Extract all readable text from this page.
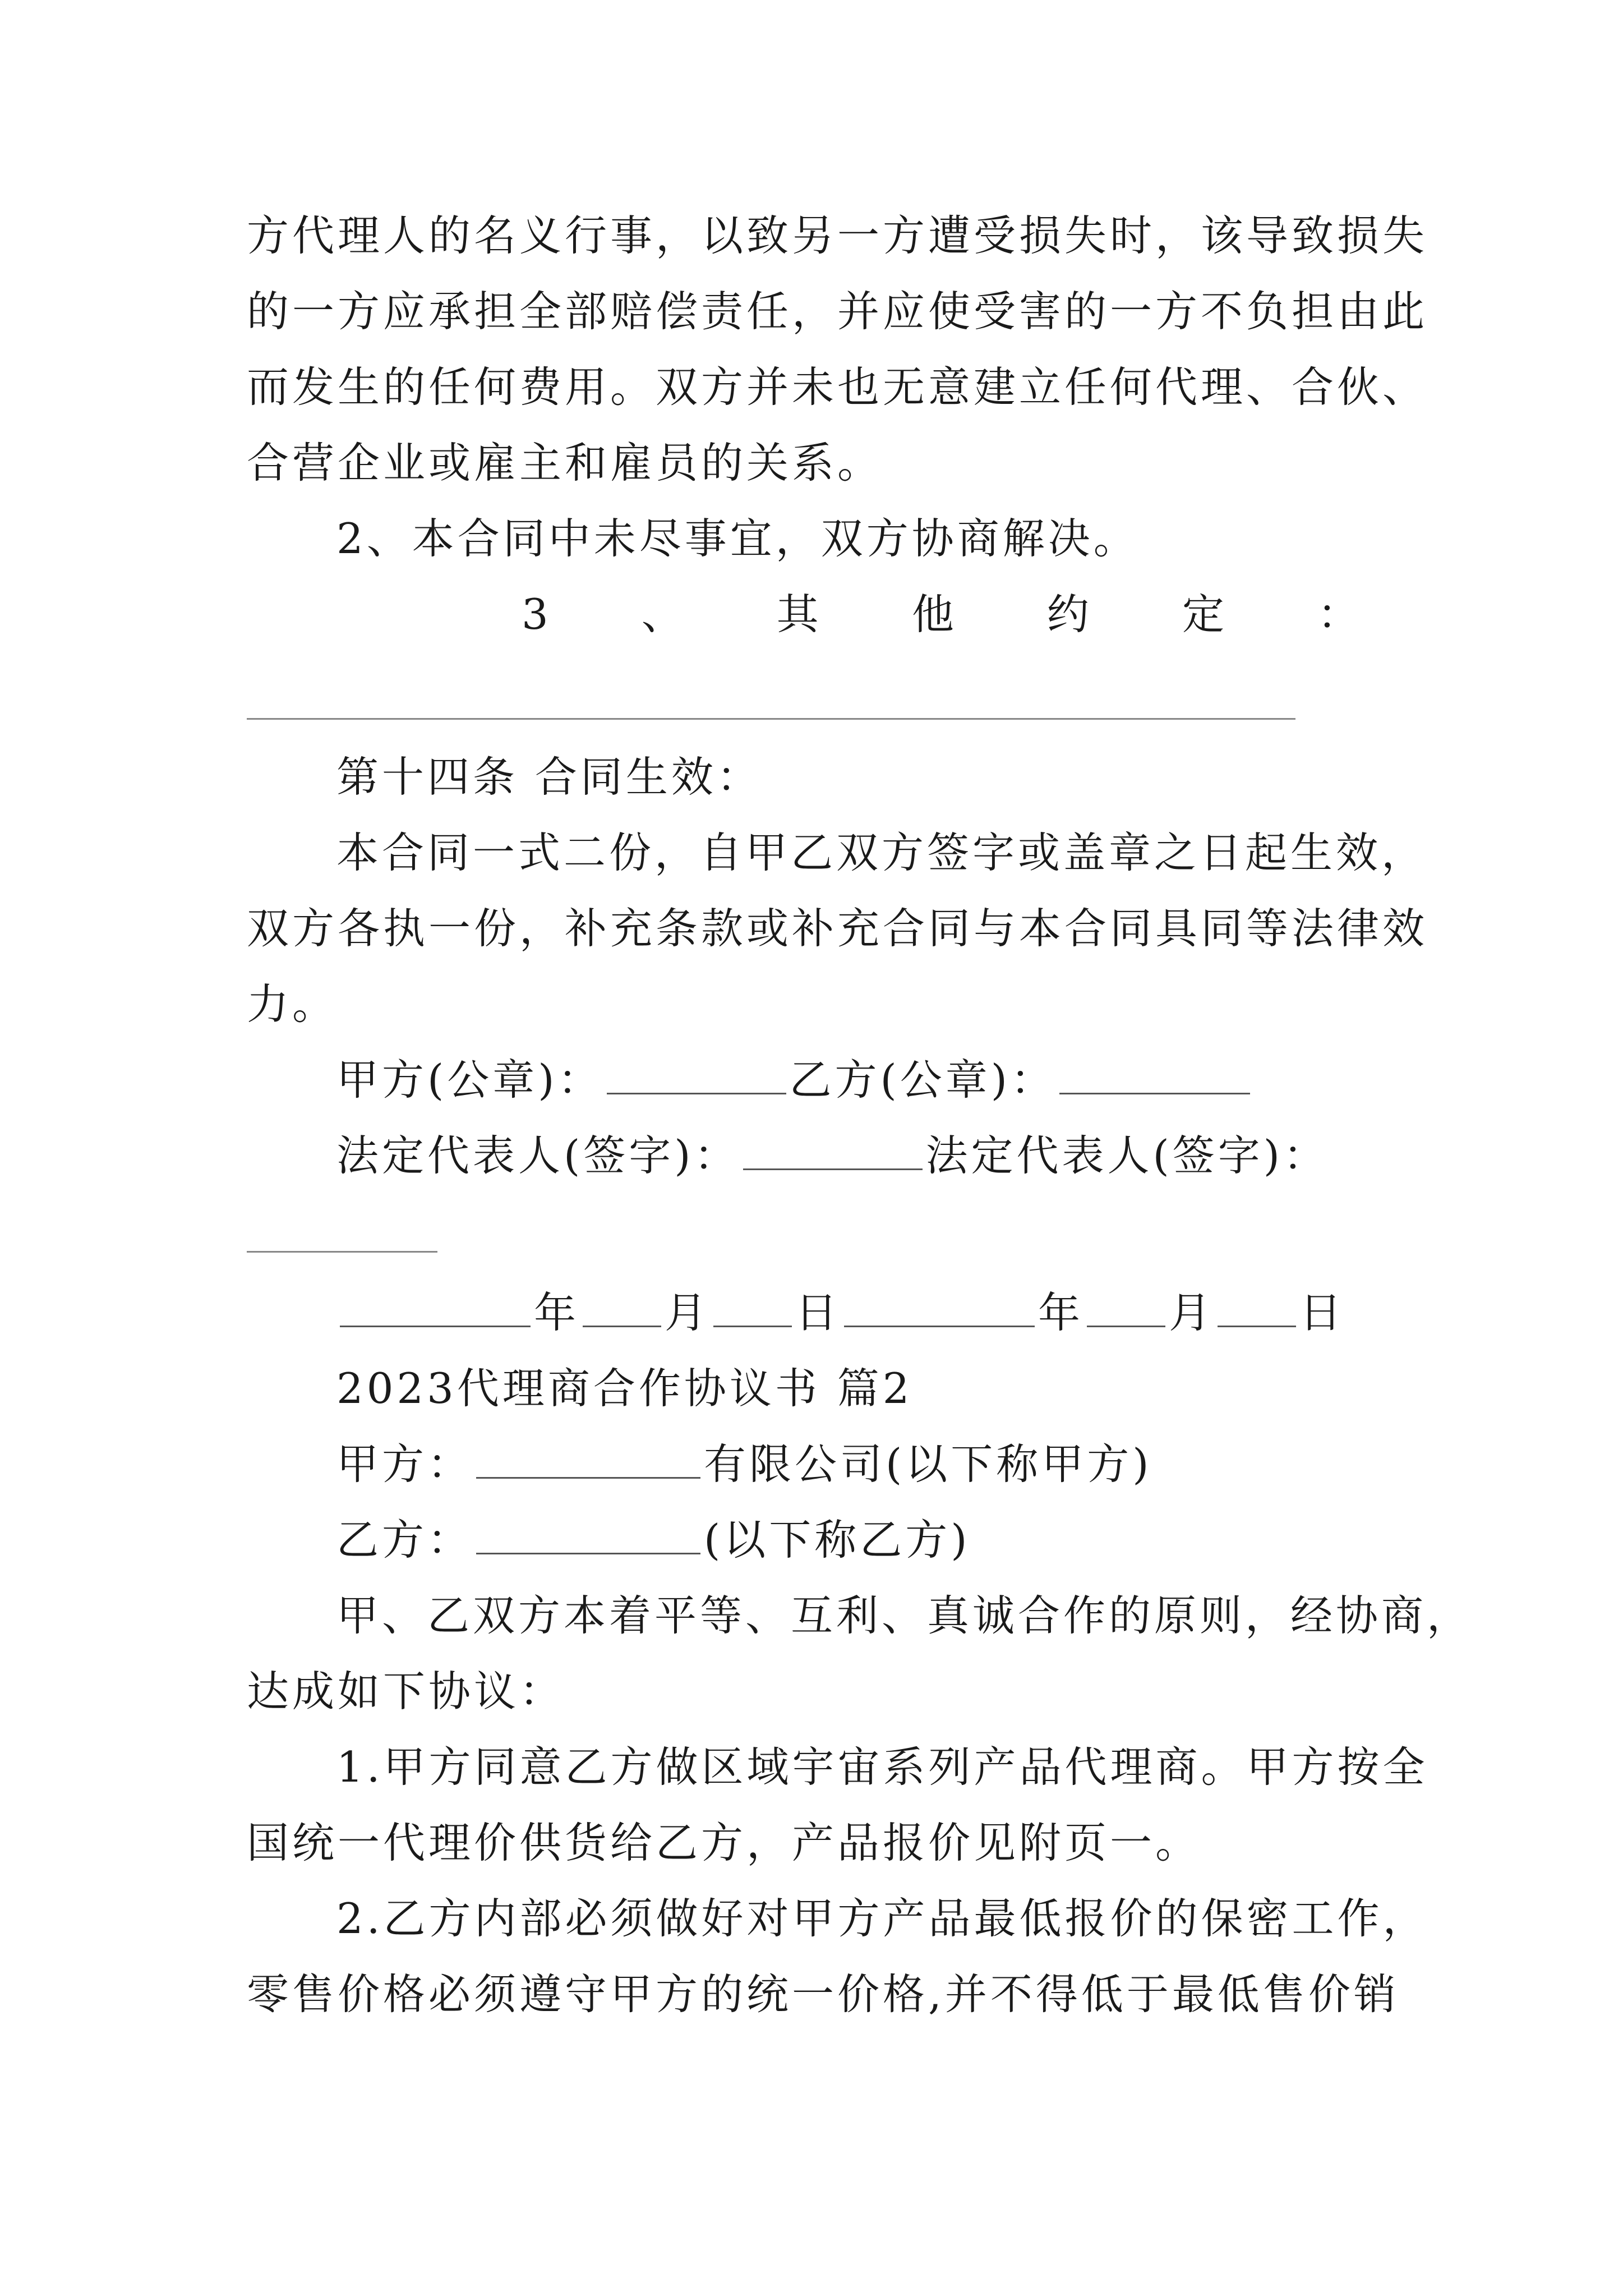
方代理人的名义行事，以致另一方遭受损失时，该导致损失
的一方应承担全部赔偿责任，并应使受害的一方不负担由此
而发生的任何费用。双方并未也无意建立任何代理、合伙、
合营企业或雇主和雇员的关系。
2、本合同中未尽事宜，双方协商解决。
3 、 其 他 约 定 ：
第十四条 合同生效：
本合同一式二份，自甲乙双方签字或盖章之日起生效，
双方各执一份，补充条款或补充合同与本合同具同等法律效
力。
甲方(公章)：	乙方(公章)：
法定代表人(签字)：	法定代表人(签字)：
年 月 日	年 月 日
2023代理商合作协议书 篇2
甲方：	有限公司(以下称甲方)
乙方：	(以下称乙方)
甲、乙双方本着平等、互利、真诚合作的原则，经协商，
达成如下协议：
1.甲方同意乙方做区域宇宙系列产品代理商。甲方按全
国统一代理价供货给乙方，产品报价见附页一。
2.乙方内部必须做好对甲方产品最低报价的保密工作，
零售价格必须遵守甲方的统一价格,并不得低于最低售价销
